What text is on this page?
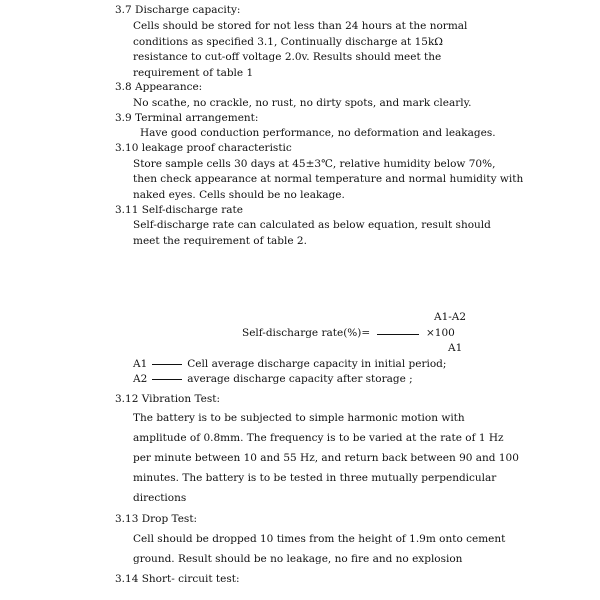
3.7 Discharge capacity:
Cells should be stored for not less than 24 hours at the normal
conditions as specified 3.1, Continually discharge at 15kΩ
resistance to cut-off voltage 2.0v. Results should meet the
requirement of table 1
3.8 Appearance:
No scathe, no crackle, no rust, no dirty spots, and mark clearly.
3.9 Terminal arrangement:
Have good conduction performance, no deformation and leakages.
3.10 leakage proof characteristic
Store sample cells 30 days at 45±3℃, relative humidity below 70%,
then check appearance at normal temperature and normal humidity with
naked eyes. Cells should be no leakage.
3.11 Self-discharge rate
Self-discharge rate can calculated as below equation, result should
meet the requirement of table 2.
A1-A2
Self-discharge rate(%)=	×100
A1
A1	Cell average discharge capacity in initial period;
A2	average discharge capacity after storage ;
3.12 Vibration Test:
The battery is to be subjected to simple harmonic motion with
amplitude of 0.8mm. The frequency is to be varied at the rate of 1 Hz
per minute between 10 and 55 Hz, and return back between 90 and 100
minutes. The battery is to be tested in three mutually perpendicular
directions
3.13 Drop Test:
Cell should be dropped 10 times from the height of 1.9m onto cement
ground. Result should be no leakage, no fire and no explosion
3.14 Short- circuit test:
